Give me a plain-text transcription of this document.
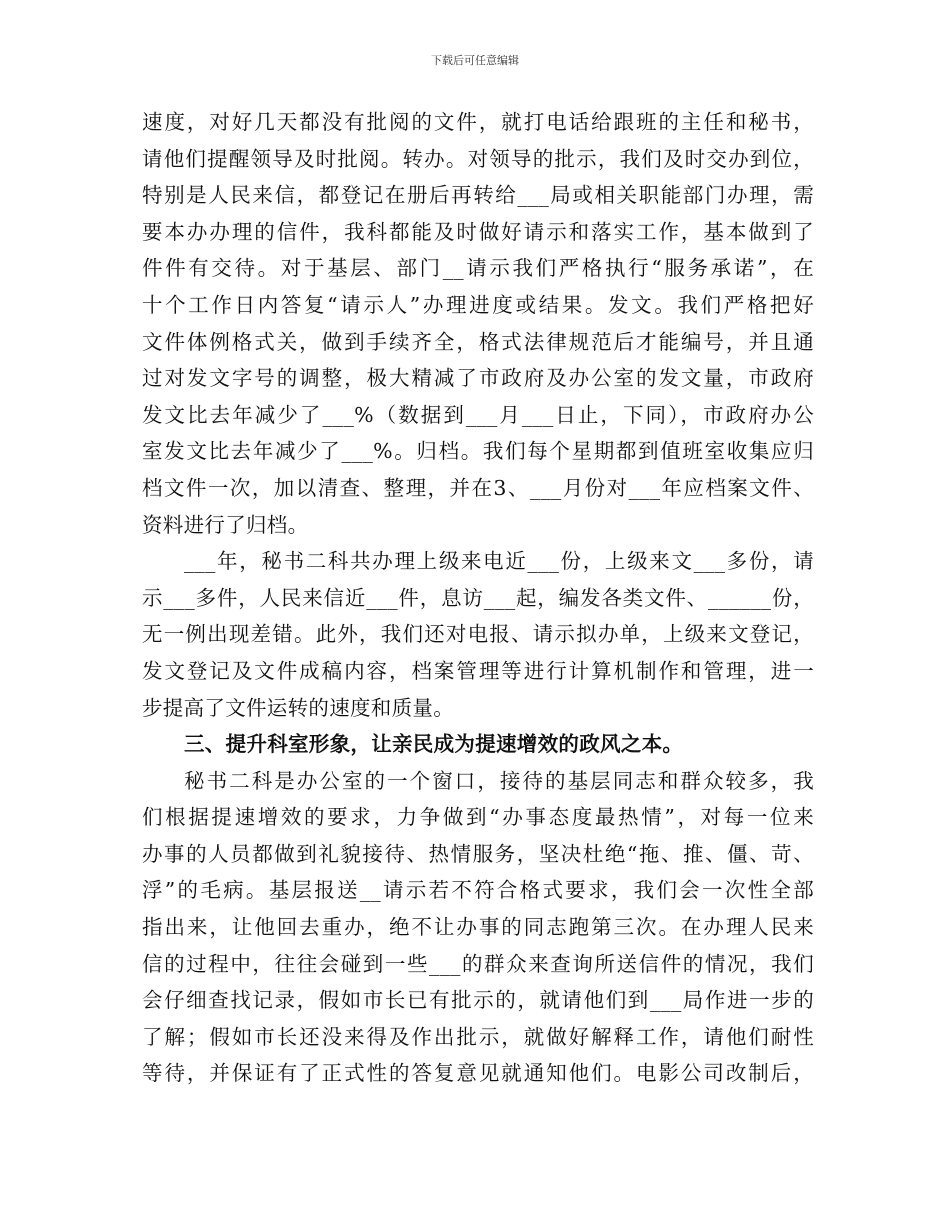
下载后可任意编辑
速度，对好几天都没有批阅的文件，就打电话给跟班的主任和秘书，
请他们提醒领导及时批阅。转办。对领导的批示，我们及时交办到位，
特别是人民来信，都登记在册后再转给___局或相关职能部门办理，需
要本办办理的信件，我科都能及时做好请示和落实工作，基本做到了
件件有交待。对于基层、部门__请示我们严格执行“服务承诺”，在
十个工作日内答复“请示人”办理进度或结果。发文。我们严格把好
文件体例格式关，做到手续齐全，格式法律规范后才能编号，并且通
过对发文字号的调整，极大精减了市政府及办公室的发文量，市政府
发文比去年减少了___%（数据到___月___日止，下同），市政府办公
室发文比去年减少了___%。归档。我们每个星期都到值班室收集应归
档文件一次，加以清查、整理，并在3、___月份对___年应档案文件、
资料进行了归档。
___年，秘书二科共办理上级来电近___份，上级来文___多份，请
示___多件，人民来信近___件，息访___起，编发各类文件、______份，
无一例出现差错。此外，我们还对电报、请示拟办单，上级来文登记，
发文登记及文件成稿内容，档案管理等进行计算机制作和管理，进一
步提高了文件运转的速度和质量。
三、提升科室形象，让亲民成为提速增效的政风之本。
秘书二科是办公室的一个窗口，接待的基层同志和群众较多，我
们根据提速增效的要求，力争做到“办事态度最热情”，对每一位来
办事的人员都做到礼貌接待、热情服务，坚决杜绝“拖、推、僵、苛、
浮”的毛病。基层报送__请示若不符合格式要求，我们会一次性全部
指出来，让他回去重办，绝不让办事的同志跑第三次。在办理人民来
信的过程中，往往会碰到一些___的群众来查询所送信件的情况，我们
会仔细查找记录，假如市长已有批示的，就请他们到___局作进一步的
了解；假如市长还没来得及作出批示，就做好解释工作，请他们耐性
等待，并保证有了正式性的答复意见就通知他们。电影公司改制后，
